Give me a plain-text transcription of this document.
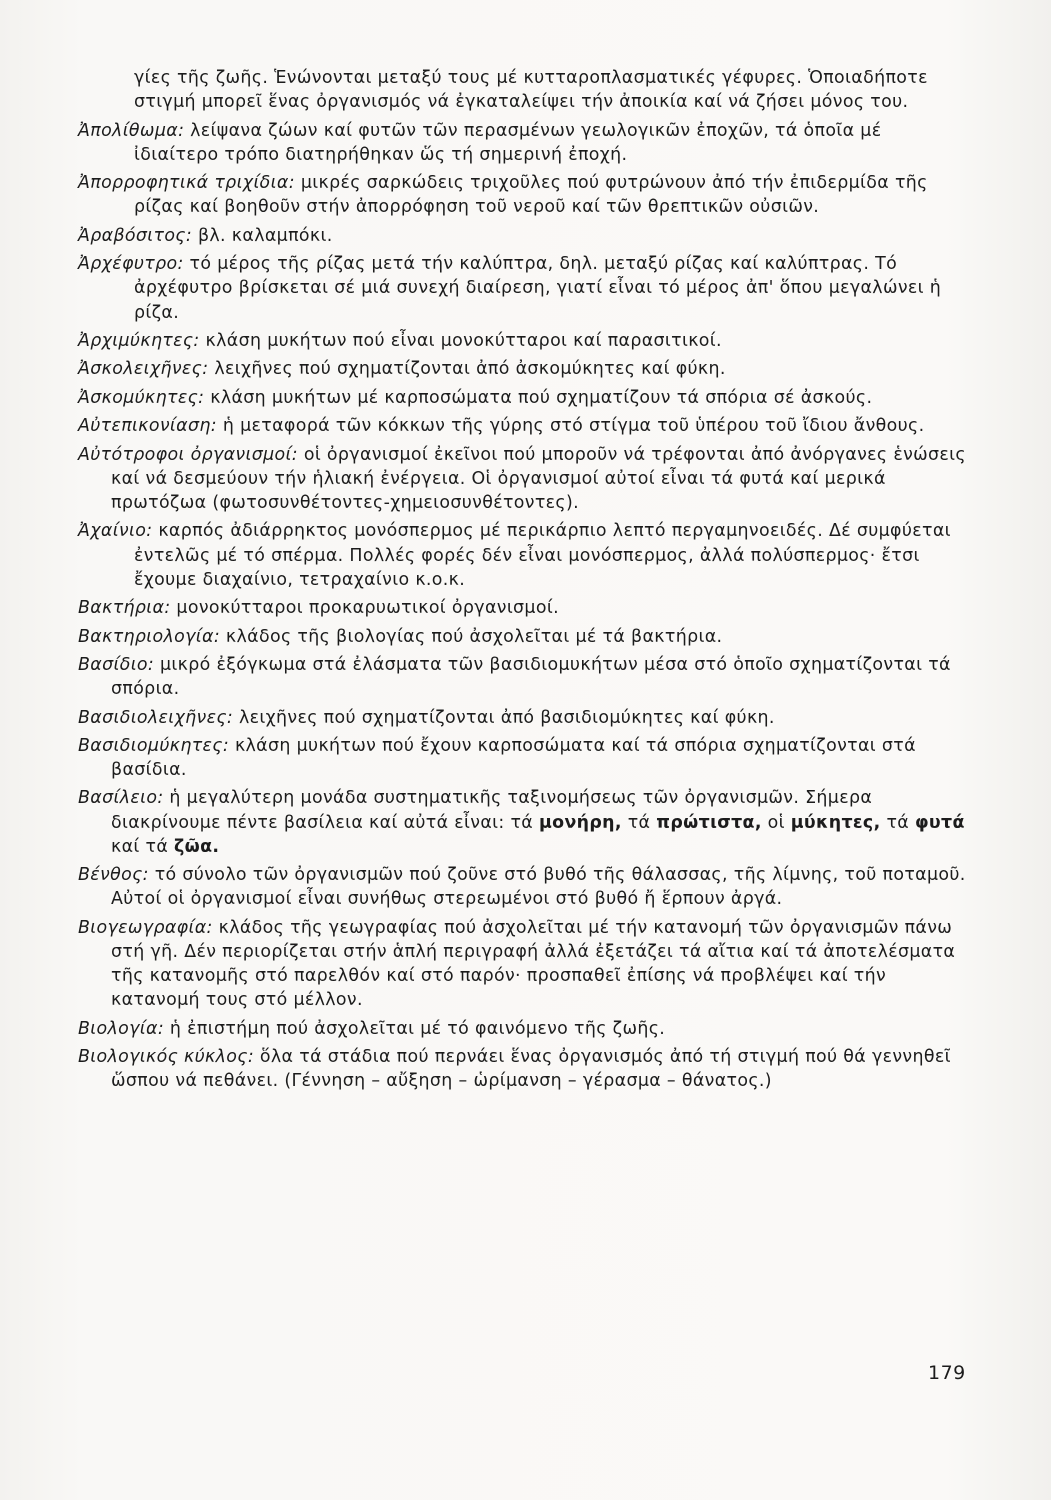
γίες τῆς ζωῆς. Ἑνώνονται μεταξύ τους μέ κυτταροπλασματικές γέφυρες. Ὁποιαδήποτε στιγμή μπορεῖ ἕνας ὀργανισμός νά ἐγκαταλείψει τήν ἀποικία καί νά ζήσει μόνος του.
Ἀπολίθωμα: λείψανα ζώων καί φυτῶν τῶν περασμένων γεωλογικῶν ἐποχῶν, τά ὁποῖα μέ ἰδιαίτερο τρόπο διατηρήθηκαν ὥς τή σημερινή ἐποχή.
Ἀπορροφητικά τριχίδια: μικρές σαρκώδεις τριχοῦλες πού φυτρώνουν ἀπό τήν ἐπιδερμίδα τῆς ρίζας καί βοηθοῦν στήν ἀπορρόφηση τοῦ νεροῦ καί τῶν θρεπτικῶν οὐσιῶν.
Ἀραβόσιτος: βλ. καλαμπόκι.
Ἀρχέφυτρο: τό μέρος τῆς ρίζας μετά τήν καλύπτρα, δηλ. μεταξύ ρίζας καί καλύπτρας. Τό ἀρχέφυτρο βρίσκεται σέ μιά συνεχή διαίρεση, γιατί εἶναι τό μέρος ἀπ' ὅπου μεγαλώνει ἡ ρίζα.
Ἀρχιμύκητες: κλάση μυκήτων πού εἶναι μονοκύτταροι καί παρασιτικοί.
Ἀσκολειχῆνες: λειχῆνες πού σχηματίζονται ἀπό ἀσκομύκητες καί φύκη.
Ἀσκομύκητες: κλάση μυκήτων μέ καρποσώματα πού σχηματίζουν τά σπόρια σέ ἀσκούς.
Αὐτεπικονίαση: ἡ μεταφορά τῶν κόκκων τῆς γύρης στό στίγμα τοῦ ὑπέρου τοῦ ἴδιου ἄνθους.
Αὐτότροφοι ὀργανισμοί: οἱ ὀργανισμοί ἐκεῖνοι πού μποροῦν νά τρέφονται ἀπό ἀνόργανες ἑνώσεις καί νά δεσμεύουν τήν ἡλιακή ἐνέργεια. Οἱ ὀργανισμοί αὐτοί εἶναι τά φυτά καί μερικά πρωτόζωα (φωτοσυνθέτοντες-χημειοσυνθέτοντες).
Ἀχαίνιο: καρπός ἀδιάρρηκτος μονόσπερμος μέ περικάρπιο λεπτό περγαμηνοειδές. Δέ συμφύεται ἐντελῶς μέ τό σπέρμα. Πολλές φορές δέν εἶναι μονόσπερμος, ἀλλά πολύσπερμος· ἔτσι ἔχουμε διαχαίνιο, τετραχαίνιο κ.ο.κ.
Βακτήρια: μονοκύτταροι προκαρυωτικοί ὀργανισμοί.
Βακτηριολογία: κλάδος τῆς βιολογίας πού ἀσχολεῖται μέ τά βακτήρια.
Βασίδιο: μικρό ἐξόγκωμα στά ἐλάσματα τῶν βασιδιομυκήτων μέσα στό ὁποῖο σχηματίζονται τά σπόρια.
Βασιδιολειχῆνες: λειχῆνες πού σχηματίζονται ἀπό βασιδιομύκητες καί φύκη.
Βασιδιομύκητες: κλάση μυκήτων πού ἔχουν καρποσώματα καί τά σπόρια σχηματίζονται στά βασίδια.
Βασίλειο: ἡ μεγαλύτερη μονάδα συστηματικῆς ταξινομήσεως τῶν ὀργανισμῶν. Σήμερα διακρίνουμε πέντε βασίλεια καί αὐτά εἶναι: τά μονήρη, τά πρώτιστα, οἱ μύκητες, τά φυτά καί τά ζῶα.
Βένθος: τό σύνολο τῶν ὀργανισμῶν πού ζοῦνε στό βυθό τῆς θάλασσας, τῆς λίμνης, τοῦ ποταμοῦ. Αὐτοί οἱ ὀργανισμοί εἶναι συνήθως στερεωμένοι στό βυθό ἤ ἕρπουν ἀργά.
Βιογεωγραφία: κλάδος τῆς γεωγραφίας πού ἀσχολεῖται μέ τήν κατανομή τῶν ὀργανισμῶν πάνω στή γῆ. Δέν περιορίζεται στήν ἁπλή περιγραφή ἀλλά ἐξετάζει τά αἴτια καί τά ἀποτελέσματα τῆς κατανομῆς στό παρελθόν καί στό παρόν· προσπαθεῖ ἐπίσης νά προβλέψει καί τήν κατανομή τους στό μέλλον.
Βιολογία: ἡ ἐπιστήμη πού ἀσχολεῖται μέ τό φαινόμενο τῆς ζωῆς.
Βιολογικός κύκλος: ὅλα τά στάδια πού περνάει ἕνας ὀργανισμός ἀπό τή στιγμή πού θά γεννηθεῖ ὥσπου νά πεθάνει. (Γέννηση – αὔξηση – ὡρίμανση – γέρασμα – θάνατος.)
179
